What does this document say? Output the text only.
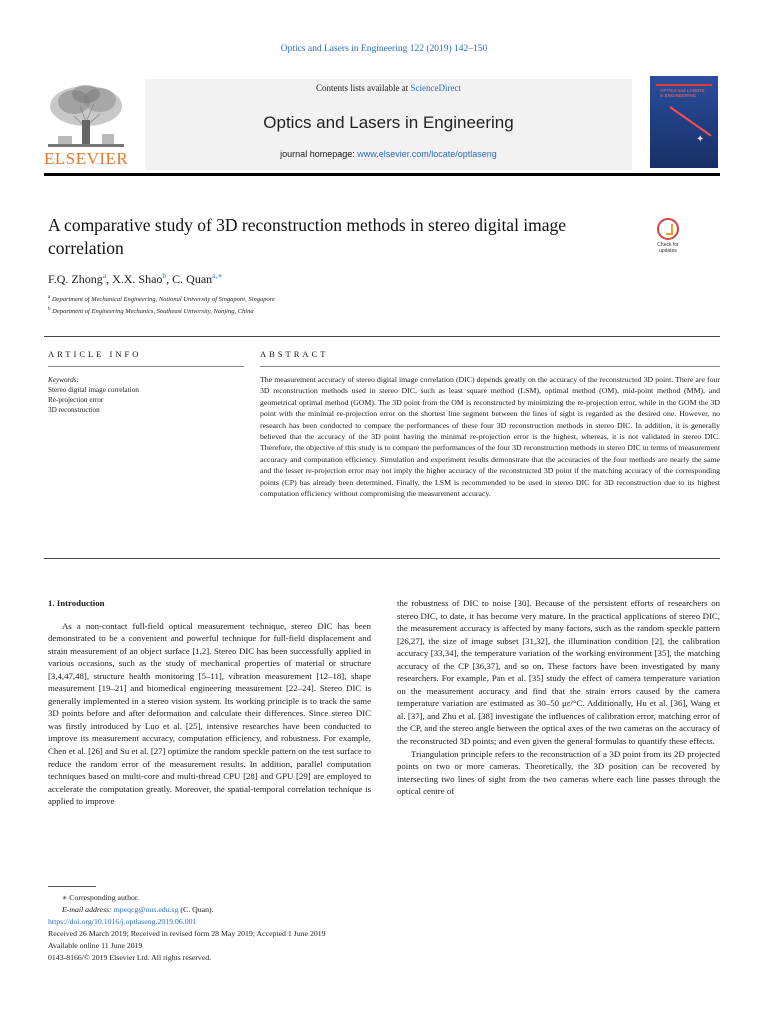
Optics and Lasers in Engineering 122 (2019) 142–150
ELSEVIER
Contents lists available at ScienceDirect
Optics and Lasers in Engineering
journal homepage: www.elsevier.com/locate/optlaseng
OPTICS and LASERS
in ENGINEERING
✦
A comparative study of 3D reconstruction methods in stereo digital image correlation	Check for
updates
F.Q. Zhong$^a$, X.X. Shao$^b$, C. Quan$^{a,∗}$
$^a$ Department of Mechanical Engineering, National University of Singapore, Singapore
$^b$ Department of Engineering Mechanics, Southeast University, Nanjing, China
ARTICLE INFO	ABSTRACT
Keywords:
Stereo digital image correlation
Re-projection error
3D reconstruction
The measurement accuracy of stereo digital image correlation (DIC) depends greatly on the accuracy of the reconstructed 3D point. There are four 3D reconstruction methods used in stereo DIC, such as least square method (LSM), optimal method (OM), mid-point method (MM), and geometrical optimal method (GOM). The 3D point from the OM is reconstructed by minimizing the re-projection error, while in the GOM the 3D point with the minimal re-projection error on the shortest line segment between the lines of sight is regarded as the desired one. However, no research has been conducted to compare the performances of these four 3D reconstruction methods in stereo DIC. In addition, it is generally believed that the accuracy of the 3D point having the minimal re-projection error is the highest, whereas, it is not validated in stereo DIC. Therefore, the objective of this study is to compare the performances of the four 3D reconstruction methods in stereo DIC in terms of measurement accuracy and computation efficiency. Simulation and experiment results demonstrate that the accuracies of the four methods are nearly the same and the lesser re-projection error may not imply the higher accuracy of the reconstructed 3D point if the matching accuracy of the corresponding points (CP) has already been determined. Finally, the LSM is recommended to be used in stereo DIC for 3D reconstruction due to its highest computation efficiency without compromising the measurement accuracy.
1. Introduction

As a non-contact full-field optical measurement technique, stereo DIC has been demonstrated to be a convenient and powerful technique for full-field displacement and strain measurement of an object surface [1,2]. Stereo DIC has been successfully applied in various occasions, such as the study of mechanical properties of material or structure [3,4,47,48], structure health monitoring [5–11], vibration measurement [12–18], shape measurement [19–21] and biomedical engineering measurement [22–24]. Stereo DIC is generally implemented in a stereo vision system. Its working principle is to track the same 3D points before and after deformation and calculate their differences. Since stereo DIC was firstly introduced by Luo et al. [25], intensive researches have been conducted to improve its measurement accuracy, computation efficiency, and robustness. For example, Chen et al. [26] and Su et al. [27] optimize the random speckle pattern on the test surface to reduce the random error of the measurement results. In addition, parallel computation techniques based on multi-core and multi-thread CPU [28] and GPU [29] are employed to accelerate the computation greatly. Moreover, the spatial-temporal correlation technique is applied to improve

the robustness of DIC to noise [30]. Because of the persistent efforts of researchers on stereo DIC, to date, it has become very mature. In the practical applications of stereo DIC, the measurement accuracy is affected by many factors, such as the random speckle pattern [26,27], the size of image subset [31,32], the illumination condition [2], the calibration accuracy [33,34], the temperature variation of the working environment [35], the matching accuracy of the CP [36,37], and so on. These factors have been investigated by many researchers. For example, Pan et al. [35] study the effect of camera temperature variation on the measurement accuracy and find that the strain errors caused by the camera temperature variation are estimated as 30–50 με/°C. Additionally, Hu et al. [36], Wang et al. [37], and Zhu et al. [38] investigate the influences of calibration error, matching error of the CP, and the stereo angle between the optical axes of the two cameras on the accuracy of the reconstructed 3D points; and even given the general formulas to quantify these effects.

Triangulation principle refers to the reconstruction of a 3D point from its 2D projected points on two or more cameras. Theoretically, the 3D position can be recovered by intersecting two lines of sight from the two cameras where each line passes through the optical centre of

∗ Corresponding author.
E-mail address: mpeqcg@nus.edu.sg (C. Quan).
https://doi.org/10.1016/j.optlaseng.2019.06.001
Received 26 March 2019; Received in revised form 28 May 2019; Accepted 1 June 2019
Available online 11 June 2019
0143-8166/© 2019 Elsevier Ltd. All rights reserved.
